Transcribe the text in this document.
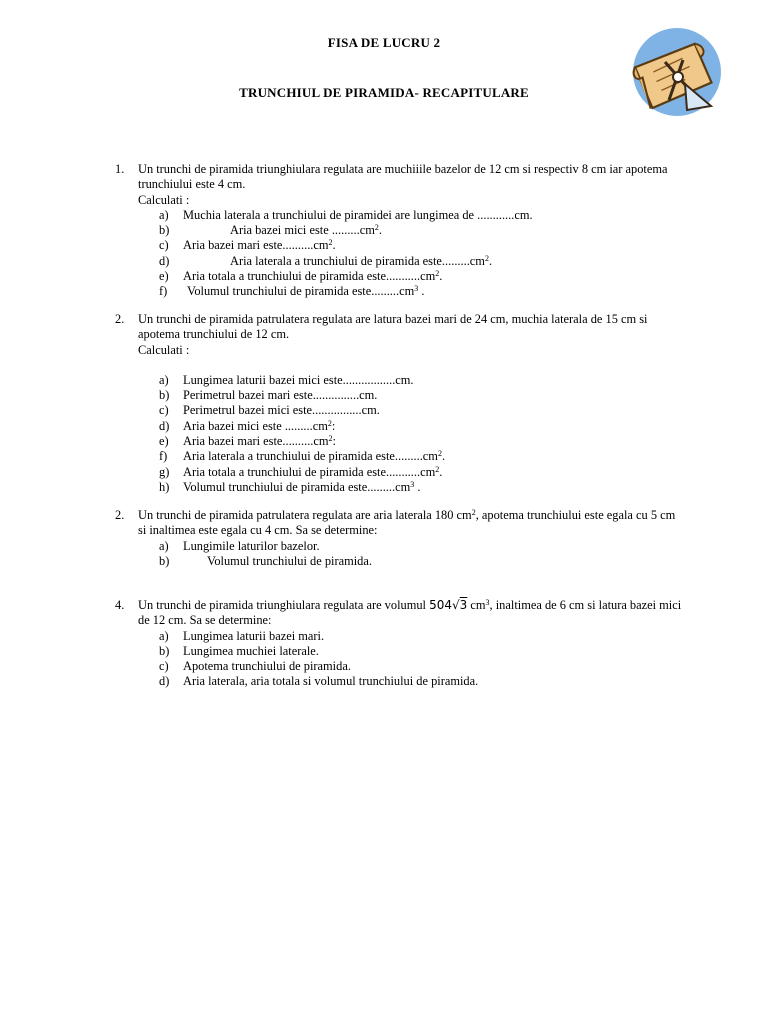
FISA DE LUCRU 2
TRUNCHIUL DE PIRAMIDA- RECAPITULARE
1. Un trunchi de piramida triunghiulara regulata are muchiiile bazelor de 12 cm si respectiv 8 cm iar apotema trunchiului este 4 cm.
Calculati :
a) Muchia laterala a trunchiului de piramidei are lungimea de ............cm.
b)	Aria bazei mici este $.........cm^2$.
c) Aria bazei mari $este..........cm^2$.
d)	Aria laterala a trunchiului de piramida $este.........cm^2$.
e) Aria totala a trunchiului de piramida $este...........cm^2$.
f) Volumul trunchiului de piramida $este.........cm^3$ .
2. Un trunchi de piramida patrulatera regulata are latura bazei mari de 24 cm, muchia laterala de 15 cm si apotema trunchiului de 12 cm.
Calculati :
a) Lungimea laturii bazei mici este.................cm.
b) Perimetrul bazei mari este...............cm.
c) Perimetrul bazei mici este................cm.
d) Aria bazei mici este $.........cm^2$:
e) Aria bazei mari $este..........cm^2$:
f) Aria laterala a trunchiului de piramida $este.........cm^2$.
g) Aria totala a trunchiului de piramida $este...........cm^2$.
h) Volumul trunchiului de piramida $este.........cm^3$ .
2. Un trunchi de piramida patrulatera regulata are aria laterala 180 $cm^2$, apotema trunchiului este egala cu 5 cm si inaltimea este egala cu 4 cm. Sa se determine:
a) Lungimile laturilor bazelor.
b)	Volumul trunchiului de piramida.
4. Un trunchi de piramida triunghiulara regulata are volumul 504√3 $cm^3$, inaltimea de 6 cm si latura bazei mici de 12 cm. Sa se determine:
a) Lungimea laturii bazei mari.
b) Lungimea muchiei laterale.
c) Apotema trunchiului de piramida.
d) Aria laterala, aria totala si volumul trunchiului de piramida.
